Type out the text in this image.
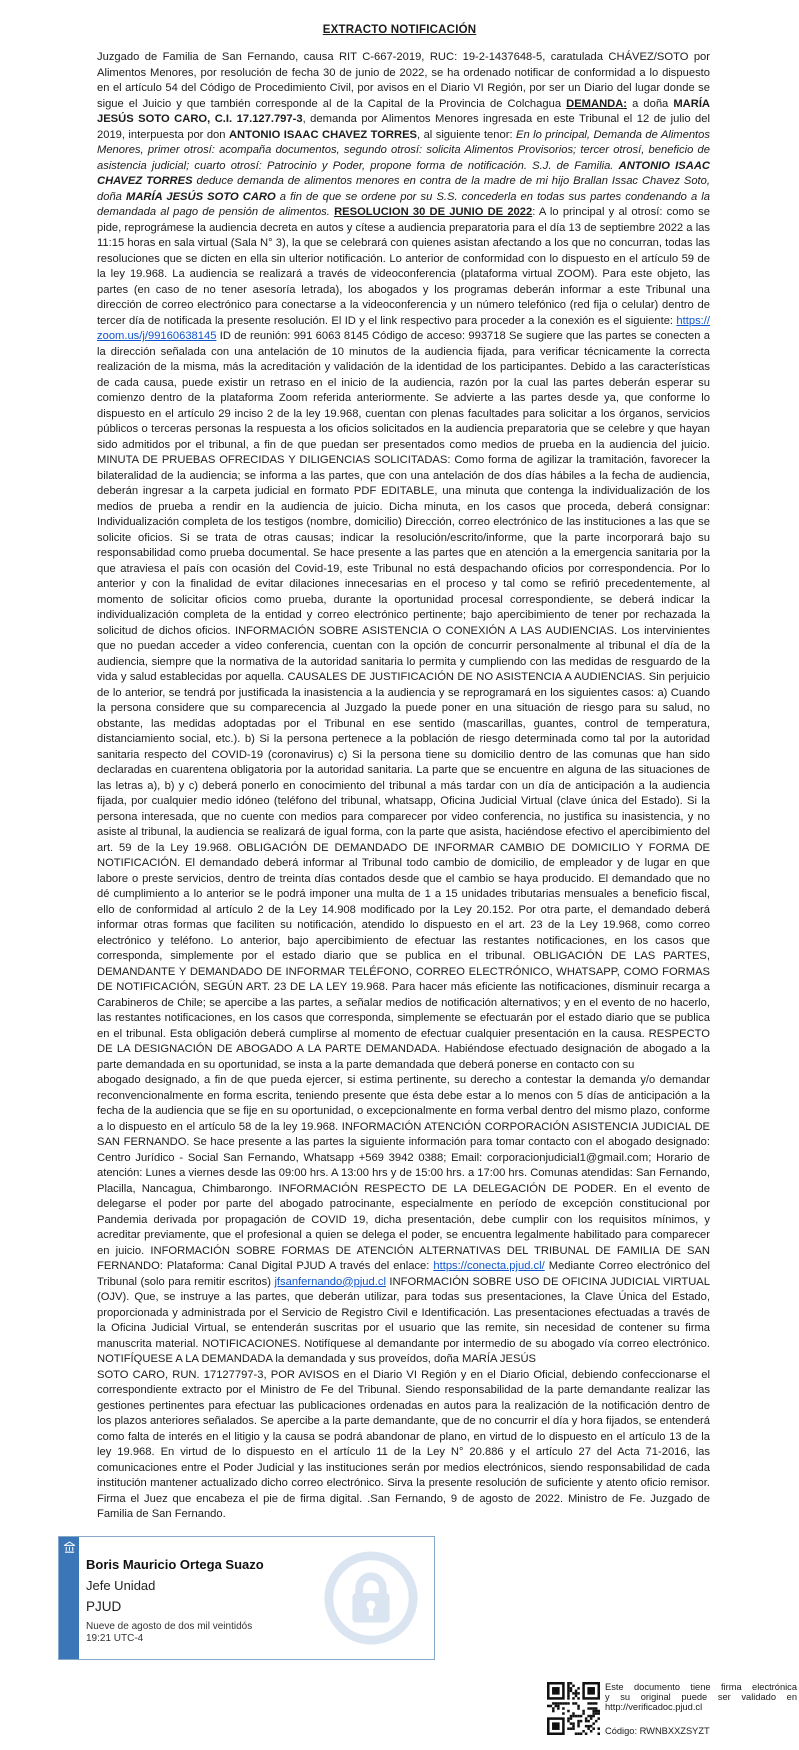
EXTRACTO NOTIFICACIÓN

Juzgado de Familia de San Fernando, causa RIT C-667-2019, RUC: 19-2-1437648-5, caratulada CHÁVEZ/SOTO por Alimentos Menores, por resolución de fecha 30 de junio de 2022, se ha ordenado notificar de conformidad a lo dispuesto en el artículo 54 del Código de Procedimiento Civil, por avisos en el Diario VI Región, por ser un Diario del lugar donde se sigue el Juicio y que también corresponde al de la Capital de la Provincia de Colchagua DEMANDA: a doña MARÍA JESÚS SOTO CARO, C.I. 17.127.797-3, demanda por Alimentos Menores ingresada en este Tribunal el 12 de julio del 2019, interpuesta por don ANTONIO ISAAC CHAVEZ TORRES, al siguiente tenor: En lo principal, Demanda de Alimentos Menores, primer otrosí: acompaña documentos, segundo otrosí: solicita Alimentos Provisorios; tercer otrosí, beneficio de asistencia judicial; cuarto otrosí: Patrocinio y Poder, propone forma de notificación. S.J. de Familia. ANTONIO ISAAC CHAVEZ TORRES deduce demanda de alimentos menores en contra de la madre de mi hijo Brallan Issac Chavez Soto, doña MARÍA JESÚS SOTO CARO a fin de que se ordene por su S.S. concederla en todas sus partes condenando a la demandada al pago de pensión de alimentos. RESOLUCION 30 DE JUNIO DE 2022: A lo principal y al otrosí: como se pide, reprográmese la audiencia decreta en autos y cítese a audiencia preparatoria para el día 13 de septiembre 2022 a las 11:15 horas en sala virtual (Sala N° 3), la que se celebrará con quienes asistan afectando a los que no concurran, todas las resoluciones que se dicten en ella sin ulterior notificación. Lo anterior de conformidad con lo dispuesto en el artículo 59 de la ley 19.968. La audiencia se realizará a través de videoconferencia (plataforma virtual ZOOM). Para este objeto, las partes (en caso de no tener asesoría letrada), los abogados y los programas deberán informar a este Tribunal una dirección de correo electrónico para conectarse a la videoconferencia y un número telefónico (red fija o celular) dentro de tercer día de notificada la presente resolución. El ID y el link respectivo para proceder a la conexión es el siguiente: https://zoom.us/j/99160638145 ID de reunión: 991 6063 8145 Código de acceso: 993718 Se sugiere que las partes se conecten a la dirección señalada con una antelación de 10 minutos de la audiencia fijada, para verificar técnicamente la correcta realización de la misma, más la acreditación y validación de la identidad de los participantes. Debido a las características de cada causa, puede existir un retraso en el inicio de la audiencia, razón por la cual las partes deberán esperar su comienzo dentro de la plataforma Zoom referida anteriormente. Se advierte a las partes desde ya, que conforme lo dispuesto en el artículo 29 inciso 2 de la ley 19.968, cuentan con plenas facultades para solicitar a los órganos, servicios públicos o terceras personas la respuesta a los oficios solicitados en la audiencia preparatoria que se celebre y que hayan sido admitidos por el tribunal, a fin de que puedan ser presentados como medios de prueba en la audiencia del juicio. MINUTA DE PRUEBAS OFRECIDAS Y DILIGENCIAS SOLICITADAS: Como forma de agilizar la tramitación, favorecer la bilateralidad de la audiencia; se informa a las partes, que con una antelación de dos días hábiles a la fecha de audiencia, deberán ingresar a la carpeta judicial en formato PDF EDITABLE, una minuta que contenga la individualización de los medios de prueba a rendir en la audiencia de juicio. Dicha minuta, en los casos que proceda, deberá consignar: Individualización completa de los testigos (nombre, domicilio) Dirección, correo electrónico de las instituciones a las que se solicite oficios. Si se trata de otras causas; indicar la resolución/escrito/informe, que la parte incorporará bajo su responsabilidad como prueba documental. Se hace presente a las partes que en atención a la emergencia sanitaria por la que atraviesa el país con ocasión del Covid-19, este Tribunal no está despachando oficios por correspondencia. Por lo anterior y con la finalidad de evitar dilaciones innecesarias en el proceso y tal como se refirió precedentemente, al momento de solicitar oficios como prueba, durante la oportunidad procesal correspondiente, se deberá indicar la individualización completa de la entidad y correo electrónico pertinente; bajo apercibimiento de tener por rechazada la solicitud de dichos oficios. INFORMACIÓN SOBRE ASISTENCIA O CONEXIÓN A LAS AUDIENCIAS. Los intervinientes que no puedan acceder a video conferencia, cuentan con la opción de concurrir personalmente al tribunal el día de la audiencia, siempre que la normativa de la autoridad sanitaria lo permita y cumpliendo con las medidas de resguardo de la vida y salud establecidas por aquella. CAUSALES DE JUSTIFICACIÓN DE NO ASISTENCIA A AUDIENCIAS. Sin perjuicio de lo anterior, se tendrá por justificada la inasistencia a la audiencia y se reprogramará en los siguientes casos: a) Cuando la persona considere que su comparecencia al Juzgado la puede poner en una situación de riesgo para su salud, no obstante, las medidas adoptadas por el Tribunal en ese sentido (mascarillas, guantes, control de temperatura, distanciamiento social, etc.). b) Si la persona pertenece a la población de riesgo determinada como tal por la autoridad sanitaria respecto del COVID-19 (coronavirus) c) Si la persona tiene su domicilio dentro de las comunas que han sido declaradas en cuarentena obligatoria por la autoridad sanitaria. La parte que se encuentre en alguna de las situaciones de las letras a), b) y c) deberá ponerlo en conocimiento del tribunal a más tardar con un día de anticipación a la audiencia fijada, por cualquier medio idóneo (teléfono del tribunal, whatsapp, Oficina Judicial Virtual (clave única del Estado). Si la persona interesada, que no cuente con medios para comparecer por video conferencia, no justifica su inasistencia, y no asiste al tribunal, la audiencia se realizará de igual forma, con la parte que asista, haciéndose efectivo el apercibimiento del art. 59 de la Ley 19.968. OBLIGACIÓN DE DEMANDADO DE INFORMAR CAMBIO DE DOMICILIO Y FORMA DE NOTIFICACIÓN. El demandado deberá informar al Tribunal todo cambio de domicilio, de empleador y de lugar en que labore o preste servicios, dentro de treinta días contados desde que el cambio se haya producido. El demandado que no dé cumplimiento a lo anterior se le podrá imponer una multa de 1 a 15 unidades tributarias mensuales a beneficio fiscal, ello de conformidad al artículo 2 de la Ley 14.908 modificado por la Ley 20.152. Por otra parte, el demandado deberá informar otras formas que faciliten su notificación, atendido lo dispuesto en el art. 23 de la Ley 19.968, como correo electrónico y teléfono. Lo anterior, bajo apercibimiento de efectuar las restantes notificaciones, en los casos que corresponda, simplemente por el estado diario que se publica en el tribunal. OBLIGACIÓN DE LAS PARTES, DEMANDANTE Y DEMANDADO DE INFORMAR TELÉFONO, CORREO ELECTRÓNICO, WHATSAPP, COMO FORMAS DE NOTIFICACIÓN, SEGÚN ART. 23 DE LA LEY 19.968. Para hacer más eficiente las notificaciones, disminuir recarga a Carabineros de Chile; se apercibe a las partes, a señalar medios de notificación alternativos; y en el evento de no hacerlo, las restantes notificaciones, en los casos que corresponda, simplemente se efectuarán por el estado diario que se publica en el tribunal. Esta obligación deberá cumplirse al momento de efectuar cualquier presentación en la causa. RESPECTO DE LA DESIGNACIÓN DE ABOGADO A LA PARTE DEMANDADA. Habiéndose efectuado designación de abogado a la parte demandada en su oportunidad, se insta a la parte demandada que deberá ponerse en contacto con su

abogado designado, a fin de que pueda ejercer, si estima pertinente, su derecho a contestar la demanda y/o demandar reconvencionalmente en forma escrita, teniendo presente que ésta debe estar a lo menos con 5 días de anticipación a la fecha de la audiencia que se fije en su oportunidad, o excepcionalmente en forma verbal dentro del mismo plazo, conforme a lo dispuesto en el artículo 58 de la ley 19.968. INFORMACIÓN ATENCIÓN CORPORACIÓN ASISTENCIA JUDICIAL DE SAN FERNANDO. Se hace presente a las partes la siguiente información para tomar contacto con el abogado designado: Centro Jurídico - Social San Fernando, Whatsapp +569 3942 0388; Email: corporacionjudicial1@gmail.com; Horario de atención: Lunes a viernes desde las 09:00 hrs. A 13:00 hrs y de 15:00 hrs. a 17:00 hrs. Comunas atendidas: San Fernando, Placilla, Nancagua, Chimbarongo. INFORMACIÓN RESPECTO DE LA DELEGACIÓN DE PODER. En el evento de delegarse el poder por parte del abogado patrocinante, especialmente en período de excepción constitucional por Pandemia derivada por propagación de COVID 19, dicha presentación, debe cumplir con los requisitos mínimos, y acreditar previamente, que el profesional a quien se delega el poder, se encuentra legalmente habilitado para comparecer en juicio. INFORMACIÓN SOBRE FORMAS DE ATENCIÓN ALTERNATIVAS DEL TRIBUNAL DE FAMILIA DE SAN FERNANDO: Plataforma: Canal Digital PJUD A través del enlace: https://conecta.pjud.cl/ Mediante Correo electrónico del Tribunal (solo para remitir escritos) jfsanfernando@pjud.cl INFORMACIÓN SOBRE USO DE OFICINA JUDICIAL VIRTUAL (OJV). Que, se instruye a las partes, que deberán utilizar, para todas sus presentaciones, la Clave Única del Estado, proporcionada y administrada por el Servicio de Registro Civil e Identificación. Las presentaciones efectuadas a través de la Oficina Judicial Virtual, se entenderán suscritas por el usuario que las remite, sin necesidad de contener su firma manuscrita material. NOTIFICACIONES. Notifíquese al demandante por intermedio de su abogado vía correo electrónico. NOTIFÍQUESE A LA DEMANDADA la demandada y sus proveídos, doña MARÍA JESÚS

SOTO CARO, RUN. 17127797-3, POR AVISOS en el Diario VI Región y en el Diario Oficial, debiendo confeccionarse el correspondiente extracto por el Ministro de Fe del Tribunal. Siendo responsabilidad de la parte demandante realizar las gestiones pertinentes para efectuar las publicaciones ordenadas en autos para la realización de la notificación dentro de los plazos anteriores señalados. Se apercibe a la parte demandante, que de no concurrir el día y hora fijados, se entenderá como falta de interés en el litigio y la causa se podrá abandonar de plano, en virtud de lo dispuesto en el artículo 13 de la ley 19.968. En virtud de lo dispuesto en el artículo 11 de la Ley N° 20.886 y el artículo 27 del Acta 71-2016, las comunicaciones entre el Poder Judicial y las instituciones serán por medios electrónicos, siendo responsabilidad de cada institución mantener actualizado dicho correo electrónico. Sirva la presente resolución de suficiente y atento oficio remisor. Firma el Juez que encabeza el pie de firma digital. .San Fernando, 9 de agosto de 2022. Ministro de Fe. Juzgado de Familia de San Fernando.

Boris Mauricio Ortega Suazo
Jefe Unidad
PJUD
Nueve de agosto de dos mil veintidós
19:21 UTC-4
Este documento tiene firma electrónica
y su original puede ser validado en
http://verificadoc.pjud.cl
Código: RWNBXXZSYZT
